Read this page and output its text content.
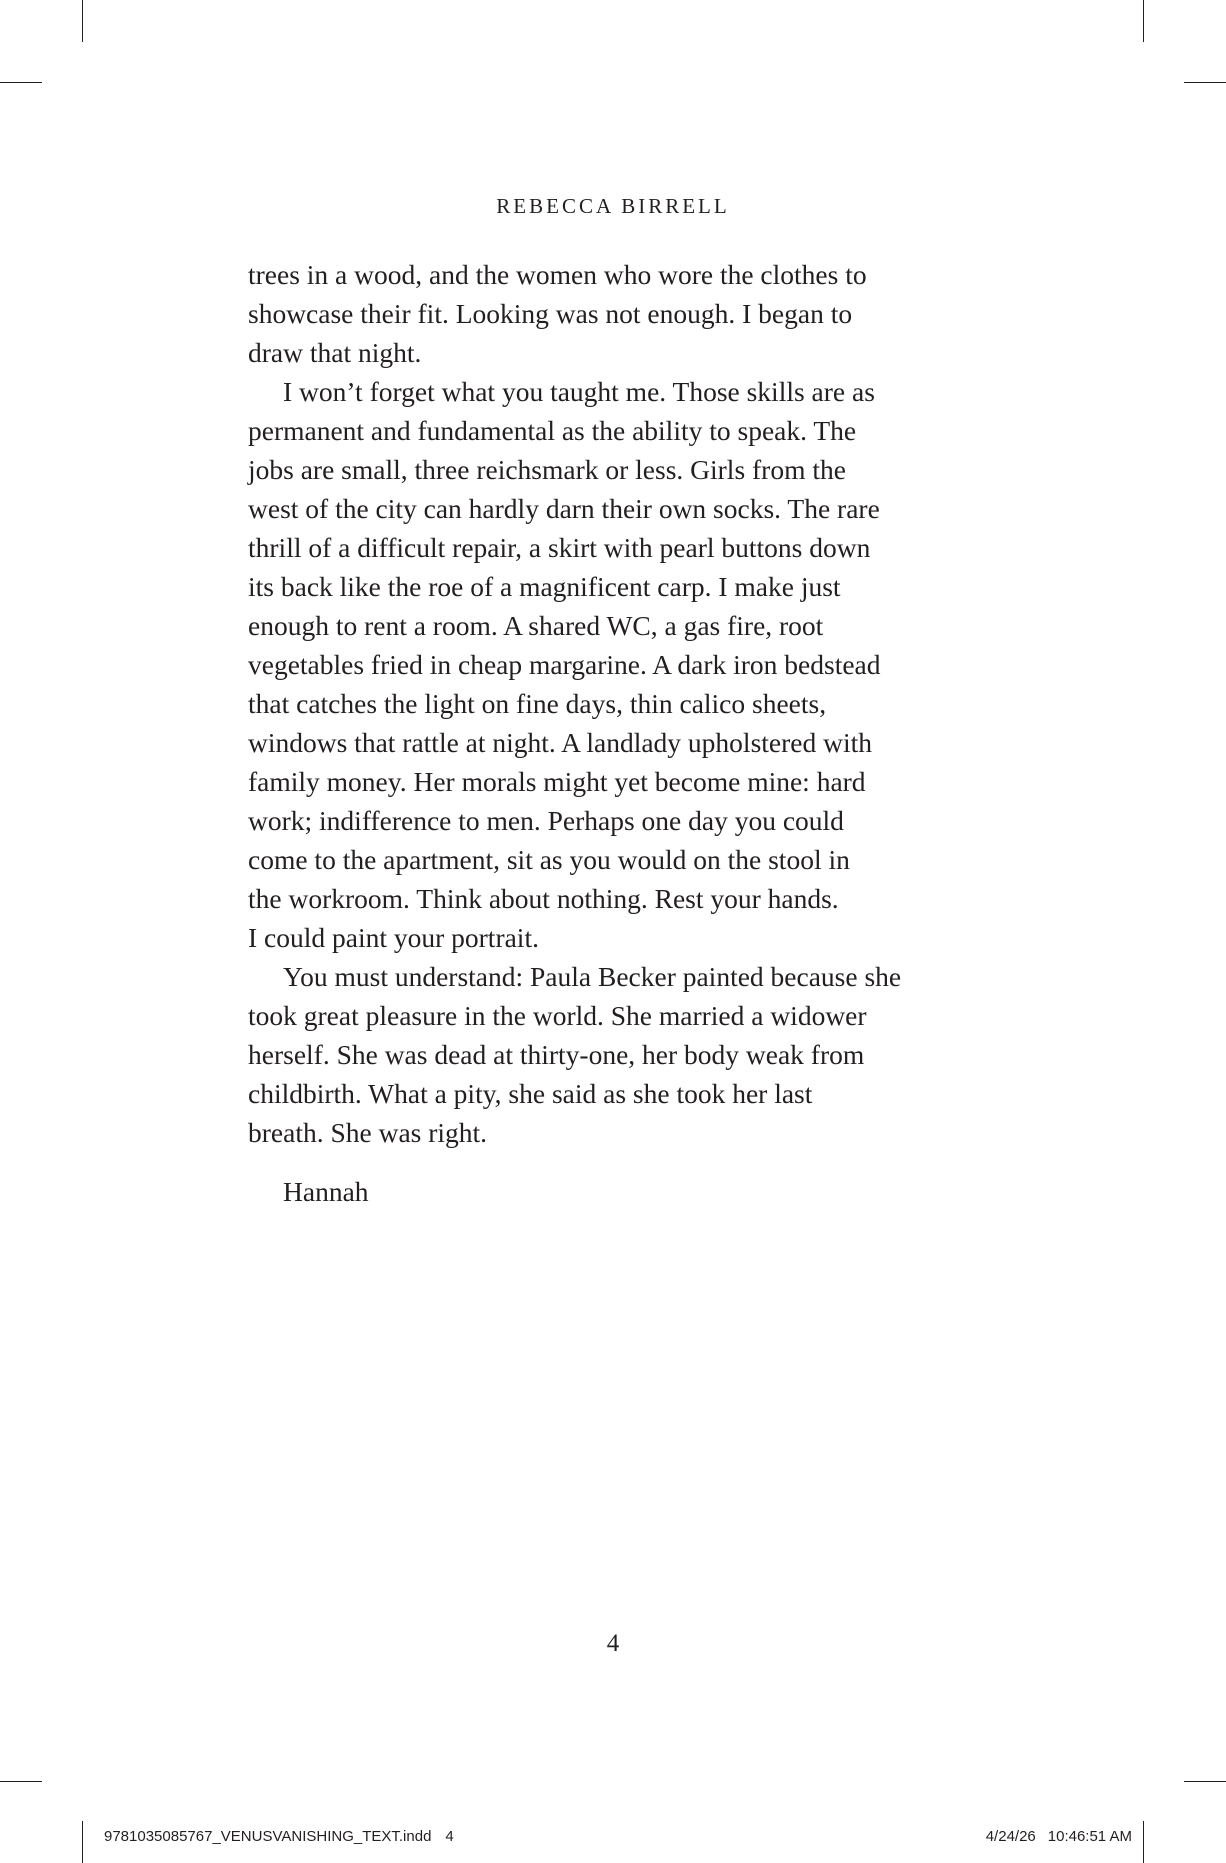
REBECCA BIRRELL

trees in a wood, and the women who wore the clothes to
showcase their fit. Looking was not enough. I began to
draw that night.

I won’t forget what you taught me. Those skills are as
permanent and fundamental as the ability to speak. The
jobs are small, three reichsmark or less. Girls from the
west of the city can hardly darn their own socks. The rare
thrill of a difficult repair, a skirt with pearl buttons down
its back like the roe of a magnificent carp. I make just
enough to rent a room. A shared WC, a gas fire, root
vegetables fried in cheap margarine. A dark iron bedstead
that catches the light on fine days, thin calico sheets,
windows that rattle at night. A landlady upholstered with
family money. Her morals might yet become mine: hard
work; indifference to men. Perhaps one day you could
come to the apartment, sit as you would on the stool in
the workroom. Think about nothing. Rest your hands.
I could paint your portrait.

You must understand: Paula Becker painted because she
took great pleasure in the world. She married a widower
herself. She was dead at thirty-one, her body weak from
childbirth. What a pity, she said as she took her last
breath. She was right.

Hannah

4
9781035085767_VENUSVANISHING_TEXT.indd 4	4/24/26 10:46:51 AM
